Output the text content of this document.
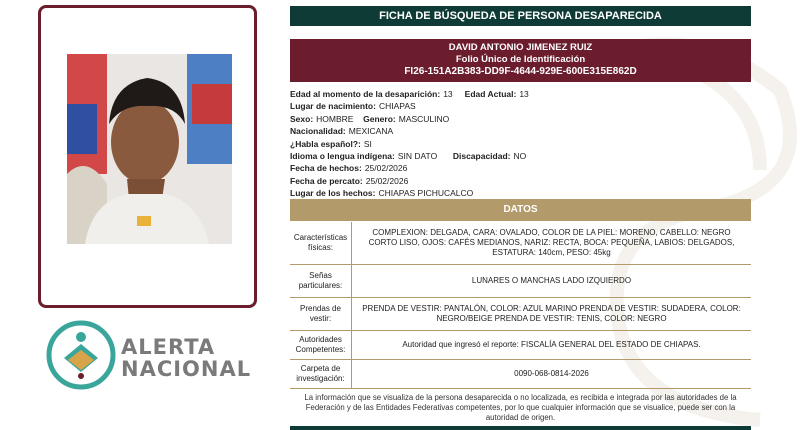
ALERTA
NACIONAL
FICHA DE BÚSQUEDA DE PERSONA DESAPARECIDA
DAVID ANTONIO JIMENEZ RUIZ
Folio Único de Identificación
FI26-151A2B383-DD9F-4644-929E-600E315E862D
Edad al momento de la desaparición: 13 Edad Actual: 13
Lugar de nacimiento: CHIAPAS
Sexo: HOMBRE Genero: MASCULINO
Nacionalidad: MEXICANA
¿Habla español?: SI
Idioma o lengua indígena: SIN DATO Discapacidad: NO
Fecha de hechos: 25/02/2026
Fecha de percato: 25/02/2026
Lugar de los hechos: CHIAPAS PICHUCALCO
DATOS
Características físicas:
COMPLEXION: DELGADA, CARA: OVALADO, COLOR DE LA PIEL: MORENO, CABELLO: NEGRO CORTO LISO, OJOS: CAFÉS MEDIANOS, NARIZ: RECTA, BOCA: PEQUEÑA, LABIOS: DELGADOS, ESTATURA: 140cm, PESO: 45kg
Señas particulares:
LUNARES O MANCHAS LADO IZQUIERDO
Prendas de vestir:
PRENDA DE VESTIR: PANTALÓN, COLOR: AZUL MARINO PRENDA DE VESTIR: SUDADERA, COLOR: NEGRO/BEIGE PRENDA DE VESTIR: TENIS, COLOR: NEGRO
Autoridades Competentes:
Autoridad que ingresó el reporte: FISCALÍA GENERAL DEL ESTADO DE CHIAPAS.
Carpeta de investigación:
0090-068-0814-2026
La información que se visualiza de la persona desaparecida o no localizada, es recibida e integrada por las autoridades de la Federación y de las Entidades Federativas competentes, por lo que cualquier información que se visualice, puede ser con la autoridad de origen.
